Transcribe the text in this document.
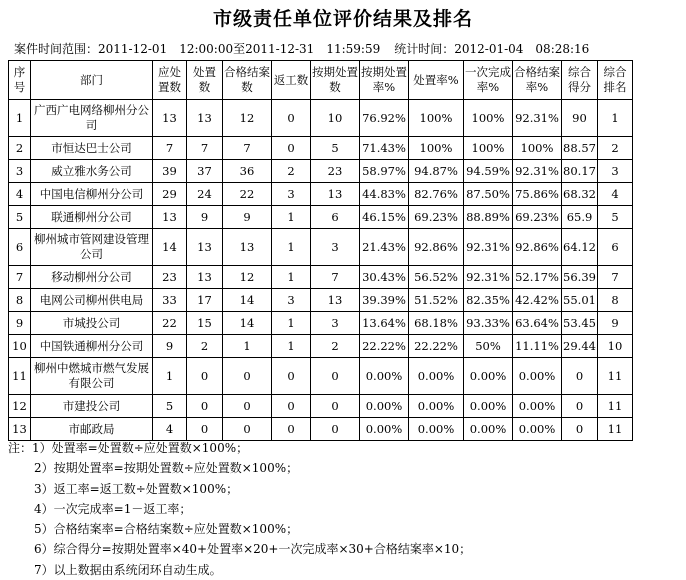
市级责任单位评价结果及排名
案件时间范围：2011-12-01　12:00:00至2011-12-31　11:59:59 统计时间：2012-01-04　08:28:16
序号	部门	应处置数	处置数	合格结案数	返工数	按期处置数	按期处置率%	处置率%	一次完成率%	合格结案率%	综合得分	综合排名
1	广西广电网络柳州分公司	13	13	12	0	10	76.92%	100%	100%	92.31%	90	1
2	市恒达巴士公司	7	7	7	0	5	71.43%	100%	100%	100%	88.57	2
3	威立雅水务公司	39	37	36	2	23	58.97%	94.87%	94.59%	92.31%	80.17	3
4	中国电信柳州分公司	29	24	22	3	13	44.83%	82.76%	87.50%	75.86%	68.32	4
5	联通柳州分公司	13	9	9	1	6	46.15%	69.23%	88.89%	69.23%	65.9	5
6	柳州城市管网建设管理公司	14	13	13	1	3	21.43%	92.86%	92.31%	92.86%	64.12	6
7	移动柳州分公司	23	13	12	1	7	30.43%	56.52%	92.31%	52.17%	56.39	7
8	电网公司柳州供电局	33	17	14	3	13	39.39%	51.52%	82.35%	42.42%	55.01	8
9	市城投公司	22	15	14	1	3	13.64%	68.18%	93.33%	63.64%	53.45	9
10	中国铁通柳州分公司	9	2	1	1	2	22.22%	22.22%	50%	11.11%	29.44	10
11	柳州中燃城市燃气发展有限公司	1	0	0	0	0	0.00%	0.00%	0.00%	0.00%	0	11
12	市建投公司	5	0	0	0	0	0.00%	0.00%	0.00%	0.00%	0	11
13	市邮政局	4	0	0	0	0	0.00%	0.00%	0.00%	0.00%	0	11
注：1）处置率=处置数÷应处置数×100%；
2）按期处置率=按期处置数÷应处置数×100%；
3）返工率=返工数÷处置数×100%；
4）一次完成率=1－返工率；
5）合格结案率=合格结案数÷应处置数×100%；
6）综合得分=按期处置率×40+处置率×20+一次完成率×30+合格结案率×10；
7）以上数据由系统闭环自动生成。
